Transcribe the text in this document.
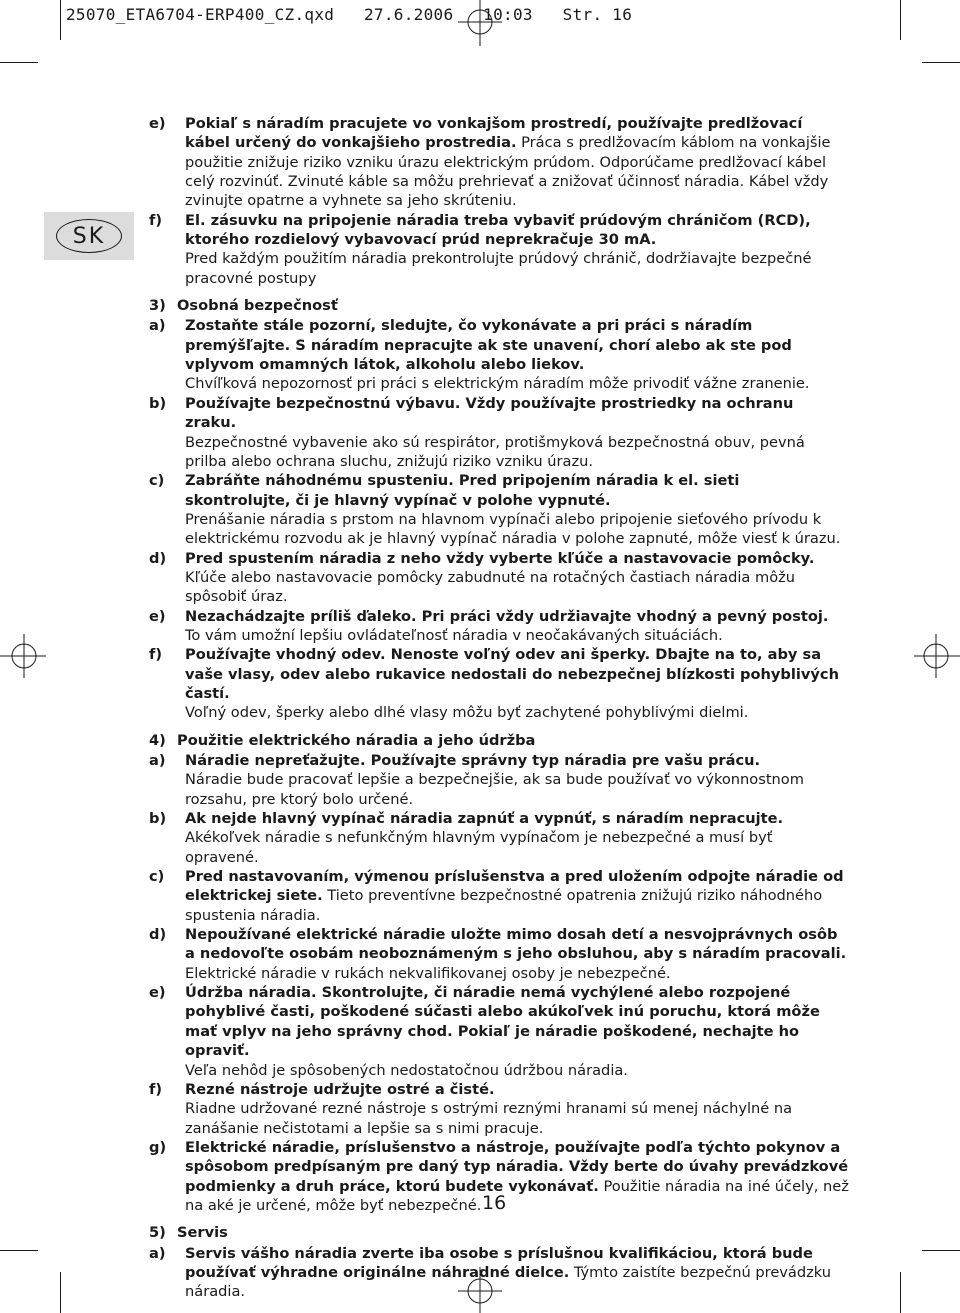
25070_ETA6704-ERP400_CZ.qxd   27.6.2006   10:03   Str. 16
SK
e) Pokiaľ s náradím pracujete vo vonkajšom prostredí, používajte predlžovací kábel určený do vonkajšieho prostredia. Práca s predlžovacím káblom na vonkajšie použitie znižuje riziko vzniku úrazu elektrickým prúdom. Odporúčame predlžovací kábel celý rozvinúť. Zvinuté káble sa môžu prehrievať a znižovať účinnosť náradia. Kábel vždy zvinujte opatrne a vyhnete sa jeho skrúteniu.
f) El. zásuvku na pripojenie náradia treba vybaviť prúdovým chráničom (RCD), ktorého rozdielový vybavovací prúd neprekračuje 30 mA.
Pred každým použitím náradia prekontrolujte prúdový chránič, dodržiavajte bezpečné pracovné postupy
3) Osobná bezpečnosť
a) Zostaňte stále pozorní, sledujte, čo vykonávate a pri práci s náradím premýšľajte. S náradím nepracujte ak ste unavení, chorí alebo ak ste pod vplyvom omamných látok, alkoholu alebo liekov.
Chvíľková nepozornosť pri práci s elektrickým náradím môže privodiť vážne zranenie.
b) Používajte bezpečnostnú výbavu. Vždy používajte prostriedky na ochranu zraku.
Bezpečnostné vybavenie ako sú respirátor, protišmyková bezpečnostná obuv, pevná prilba alebo ochrana sluchu, znižujú riziko vzniku úrazu.
c) Zabráňte náhodnému spusteniu. Pred pripojením náradia k el. sieti skontrolujte, či je hlavný vypínač v polohe vypnuté.
Prenášanie náradia s prstom na hlavnom vypínači alebo pripojenie sieťového prívodu k elektrickému rozvodu ak je hlavný vypínač náradia v polohe zapnuté, môže viesť k úrazu.
d) Pred spustením náradia z neho vždy vyberte kľúče a nastavovacie pomôcky. Kľúče alebo nastavovacie pomôcky zabudnuté na rotačných častiach náradia môžu spôsobiť úraz.
e) Nezachádzajte príliš ďaleko. Pri práci vždy udržiavajte vhodný a pevný postoj.
To vám umožní lepšiu ovládateľnosť náradia v neočakávaných situáciách.
f) Používajte vhodný odev. Nenoste voľný odev ani šperky. Dbajte na to, aby sa vaše vlasy, odev alebo rukavice nedostali do nebezpečnej blízkosti pohyblivých častí.
Voľný odev, šperky alebo dlhé vlasy môžu byť zachytené pohyblivými dielmi.
4) Použitie elektrického náradia a jeho údržba
a) Náradie nepreťažujte. Používajte správny typ náradia pre vašu prácu.
Náradie bude pracovať lepšie a bezpečnejšie, ak sa bude používať vo výkonnostnom rozsahu, pre ktorý bolo určené.
b) Ak nejde hlavný vypínač náradia zapnúť a vypnúť, s náradím nepracujte.
Akékoľvek náradie s nefunkčným hlavným vypínačom je nebezpečné a musí byť opravené.
c) Pred nastavovaním, výmenou príslušenstva a pred uložením odpojte náradie od elektrickej siete. Tieto preventívne bezpečnostné opatrenia znižujú riziko náhodného spustenia náradia.
d) Nepoužívané elektrické náradie uložte mimo dosah detí a nesvojprávnych osôb a nedovoľte osobám neoboznámeným s jeho obsluhou, aby s náradím pracovali.
Elektrické náradie v rukách nekvalifikovanej osoby je nebezpečné.
e) Údržba náradia. Skontrolujte, či náradie nemá vychýlené alebo rozpojené pohyblivé časti, poškodené súčasti alebo akúkoľvek inú poruchu, ktorá môže mať vplyv na jeho správny chod. Pokiaľ je náradie poškodené, nechajte ho opraviť.
Veľa nehôd je spôsobených nedostatočnou údržbou náradia.
f) Rezné nástroje udržujte ostré a čisté.
Riadne udržované rezné nástroje s ostrými reznými hranami sú menej náchylné na zanášanie nečistotami a lepšie sa s nimi pracuje.
g) Elektrické náradie, príslušenstvo a nástroje, používajte podľa týchto pokynov a spôsobom predpísaným pre daný typ náradia. Vždy berte do úvahy prevádzkové podmienky a druh práce, ktorú budete vykonávať. Použitie náradia na iné účely, než na aké je určené, môže byť nebezpečné.
5) Servis
a) Servis vášho náradia zverte iba osobe s príslušnou kvalifikáciou, ktorá bude používať výhradne originálne náhradné dielce. Týmto zaistíte bezpečnú prevádzku náradia.
16
